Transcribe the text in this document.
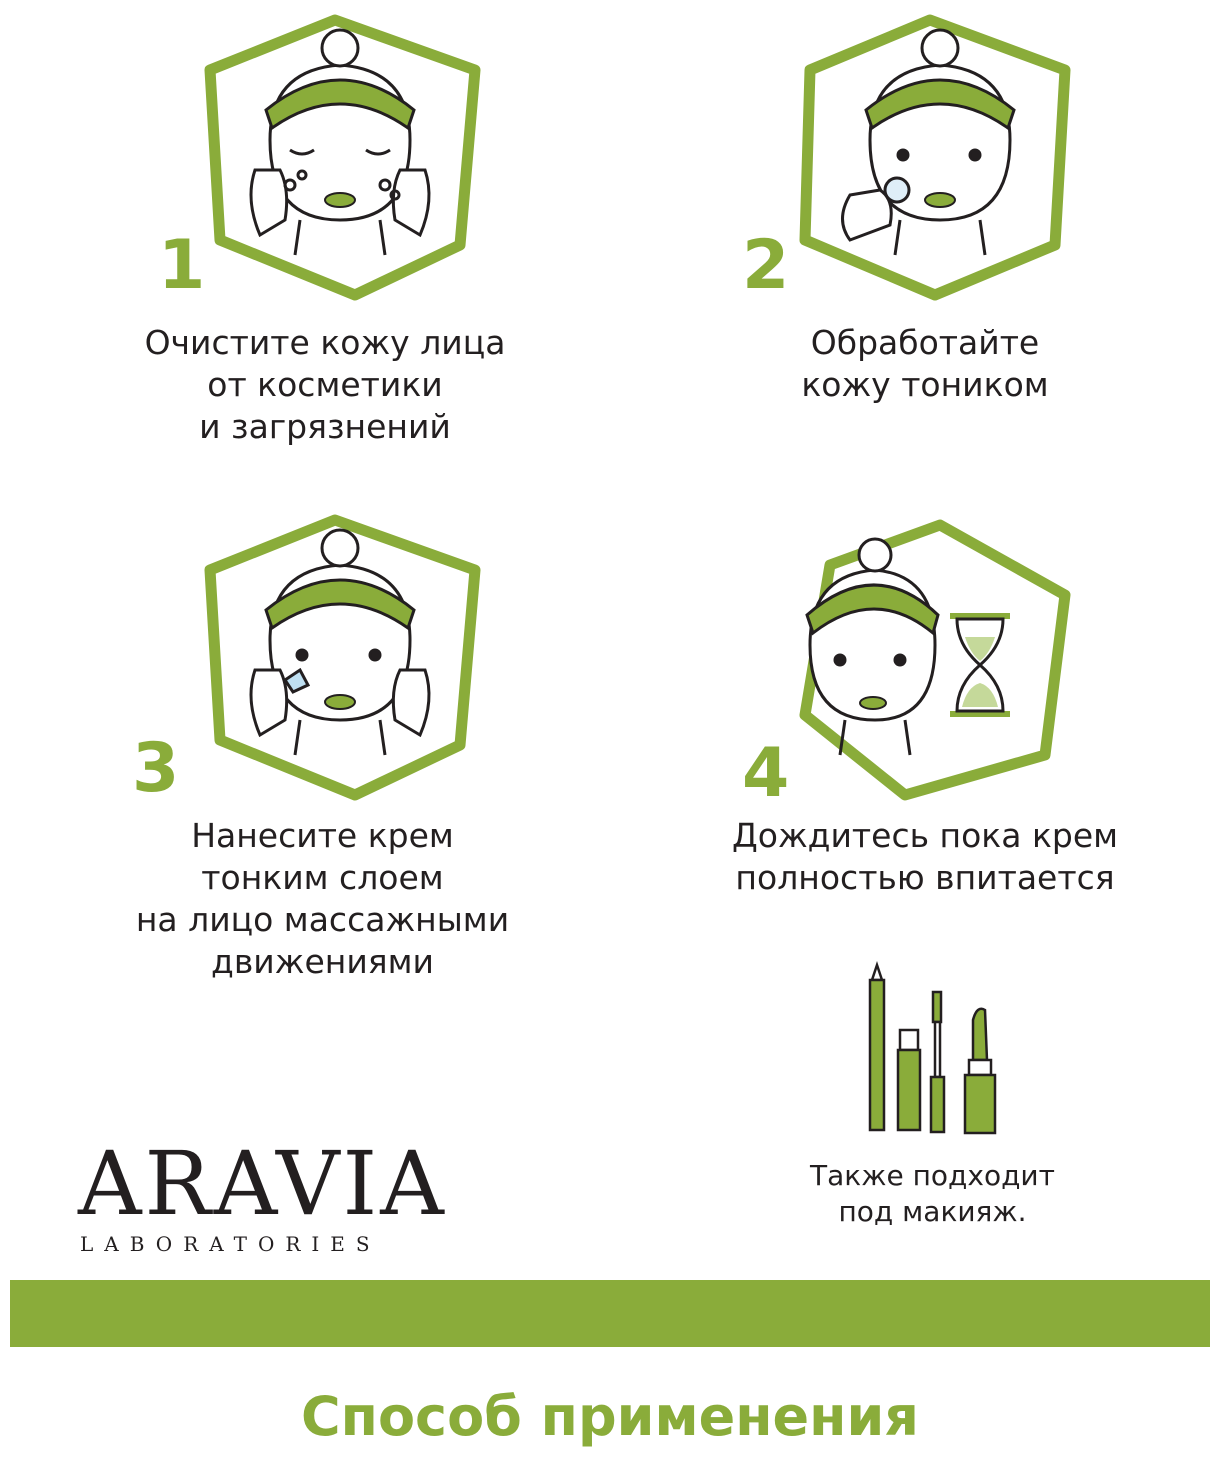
1
Очистите кожу лица
от косметики
и загрязнений
2
Обработайте
кожу тоником
3
Нанесите крем
тонким слоем
на лицо массажными
движениями
4
Дождитесь пока крем
полностью впитается
Также подходит
под макияж.
ARAVIA
LABORATORIES
Способ применения
